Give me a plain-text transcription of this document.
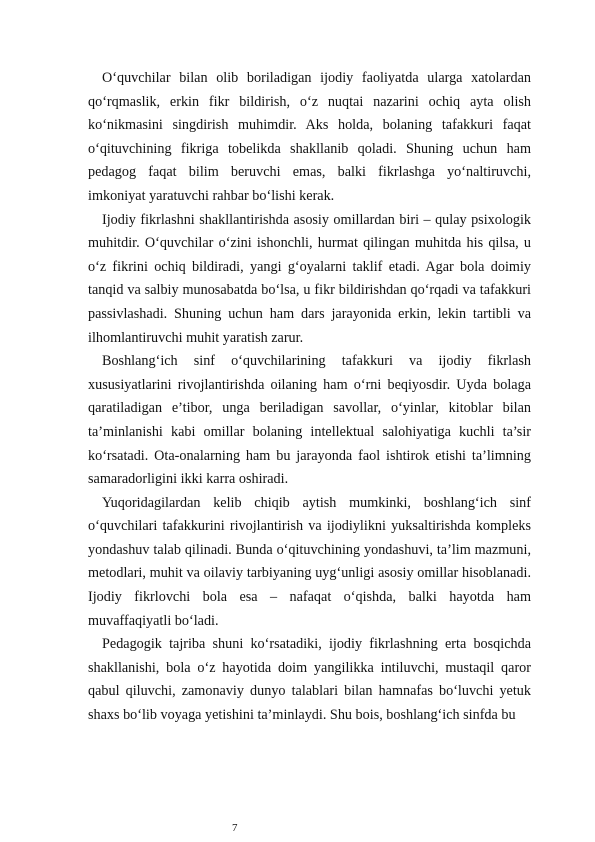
O‘quvchilar bilan olib boriladigan ijodiy faoliyatda ularga xatolardan qo‘rqmaslik, erkin fikr bildirish, o‘z nuqtai nazarini ochiq ayta olish ko‘nikmasini singdirish muhimdir. Aks holda, bolaning tafakkuri faqat o‘qituvchining fikriga tobelikda shakllanib qoladi. Shuning uchun ham pedagog faqat bilim beruvchi emas, balki fikrlashga yo‘naltiruvchi, imkoniyat yaratuvchi rahbar bo‘lishi kerak.

Ijodiy fikrlashni shakllantirishda asosiy omillardan biri – qulay psixologik muhitdir. O‘quvchilar o‘zini ishonchli, hurmat qilingan muhitda his qilsa, u o‘z fikrini ochiq bildiradi, yangi g‘oyalarni taklif etadi. Agar bola doimiy tanqid va salbiy munosabatda bo‘lsa, u fikr bildirishdan qo‘rqadi va tafakkuri passivlashadi. Shuning uchun ham dars jarayonida erkin, lekin tartibli va ilhomlantiruvchi muhit yaratish zarur.

Boshlang‘ich sinf o‘quvchilarining tafakkuri va ijodiy fikrlash xususiyatlarini rivojlantirishda oilaning ham o‘rni beqiyosdir. Uyda bolaga qaratiladigan e’tibor, unga beriladigan savollar, o‘yinlar, kitoblar bilan ta’minlanishi kabi omillar bolaning intellektual salohiyatiga kuchli ta’sir ko‘rsatadi. Ota-onalarning ham bu jarayonda faol ishtirok etishi ta’limning samaradorligini ikki karra oshiradi.

Yuqoridagilardan kelib chiqib aytish mumkinki, boshlang‘ich sinf o‘quvchilari tafakkurini rivojlantirish va ijodiylikni yuksaltirishda kompleks yondashuv talab qilinadi. Bunda o‘qituvchining yondashuvi, ta’lim mazmuni, metodlari, muhit va oilaviy tarbiyaning uyg‘unligi asosiy omillar hisoblanadi. Ijodiy fikrlovchi bola esa – nafaqat o‘qishda, balki hayotda ham muvaffaqiyatli bo‘ladi.

Pedagogik tajriba shuni ko‘rsatadiki, ijodiy fikrlashning erta bosqichda shakllanishi, bola o‘z hayotida doim yangilikka intiluvchi, mustaqil qaror qabul qiluvchi, zamonaviy dunyo talablari bilan hamnafas bo‘luvchi yetuk shaxs bo‘lib voyaga yetishini ta’minlaydi. Shu bois, boshlang‘ich sinfda bu

7
